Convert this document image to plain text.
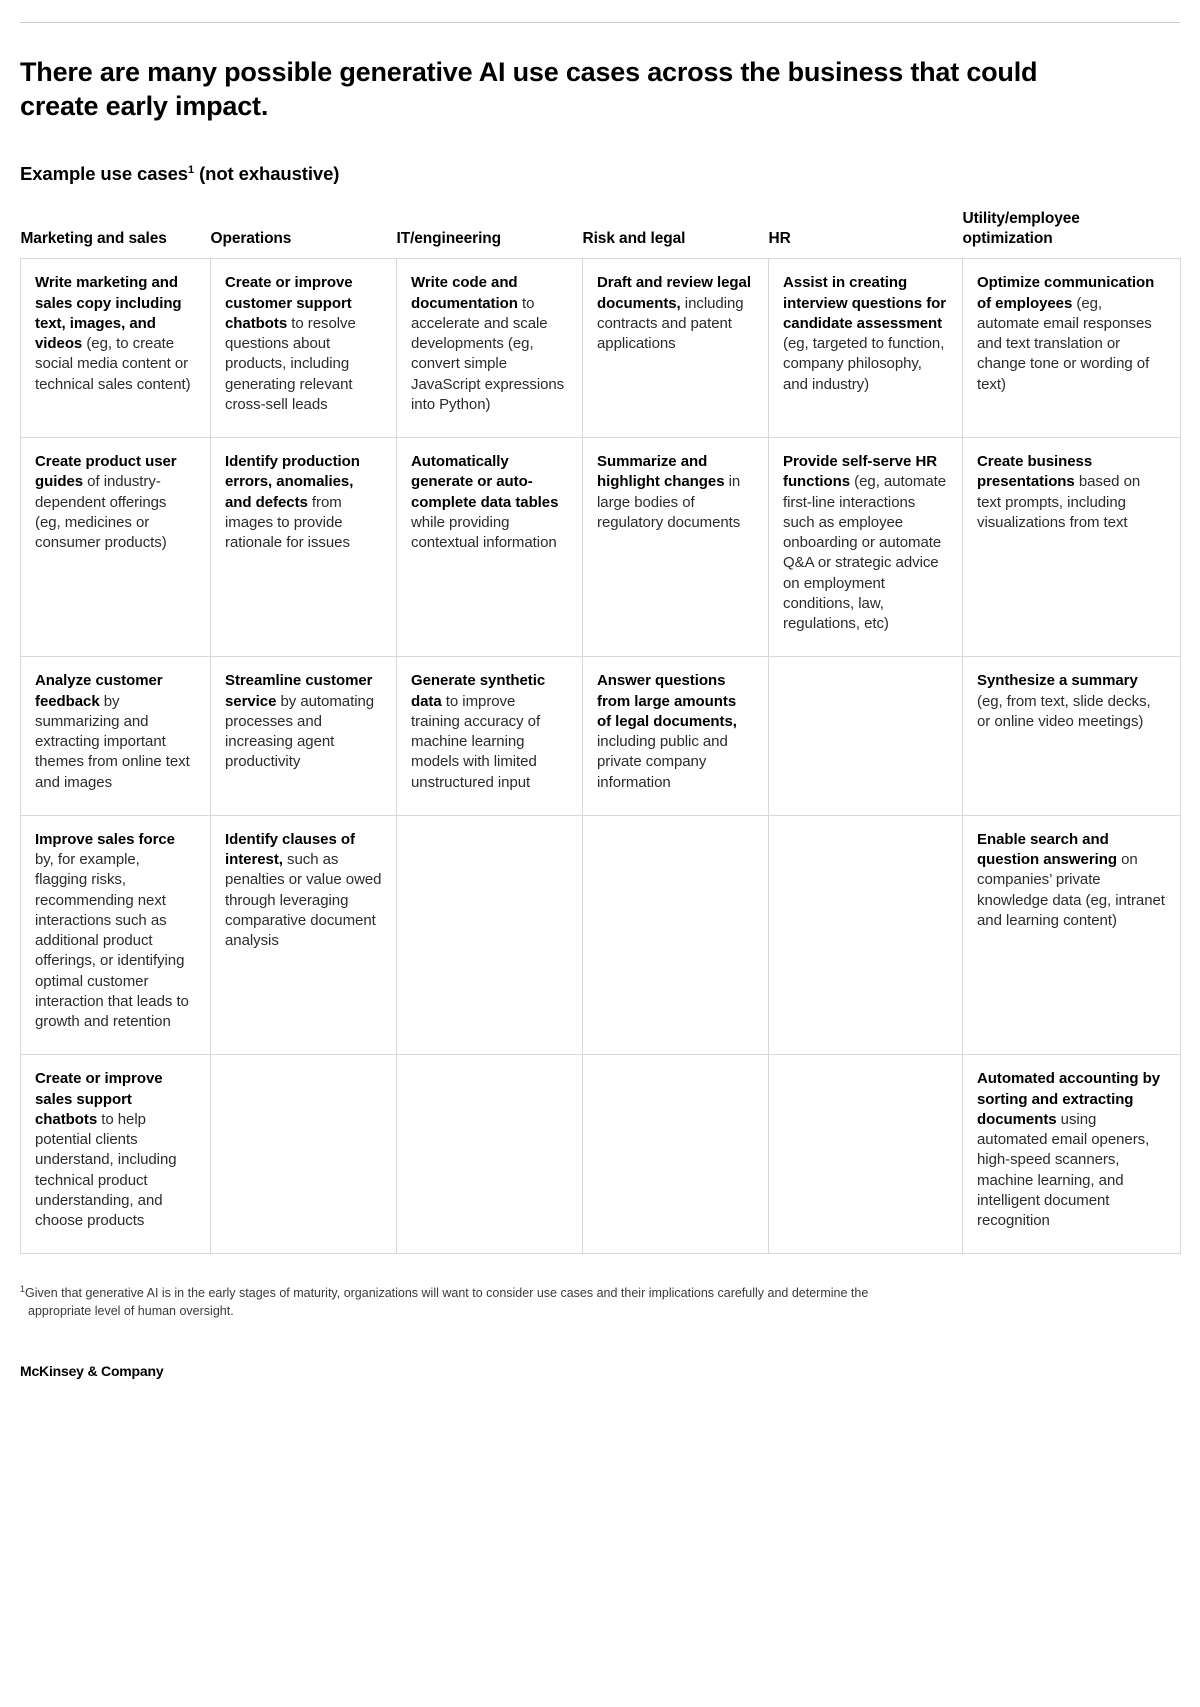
There are many possible generative AI use cases across the business that could create early impact.
Example use cases$^1$ (not exhaustive)
Marketing and sales	Operations	IT/engineering	Risk and legal	HR	Utility/employee optimization
Write marketing and sales copy including text, images, and videos (eg, to create social media content or technical sales content)	Create or improve customer support chatbots to resolve questions about products, including generating relevant cross-sell leads	Write code and documentation to accelerate and scale developments (eg, convert simple JavaScript expressions into Python)	Draft and review legal documents, including contracts and patent applications	Assist in creating interview questions for candidate assessment (eg, targeted to function, company philosophy, and industry)	Optimize communication of employees (eg, automate email responses and text translation or change tone or wording of text)
Create product user guides of industry-dependent offerings (eg, medicines or consumer products)	Identify production errors, anomalies, and defects from images to provide rationale for issues	Automatically generate or auto-complete data tables while providing contextual information	Summarize and highlight changes in large bodies of regulatory documents	Provide self-serve HR functions (eg, automate first-line interactions such as employee onboarding or automate Q&A or strategic advice on employment conditions, law, regulations, etc)	Create business presentations based on text prompts, including visualizations from text
Analyze customer feedback by summarizing and extracting important themes from online text and images	Streamline customer service by automating processes and increasing agent productivity	Generate synthetic data to improve training accuracy of machine learning models with limited unstructured input	Answer questions from large amounts of legal documents, including public and private company information		Synthesize a summary (eg, from text, slide decks, or online video meetings)
Improve sales force by, for example, flagging risks, recommending next interactions such as additional product offerings, or identifying optimal customer interaction that leads to growth and retention	Identify clauses of interest, such as penalties or value owed through leveraging comparative document analysis				Enable search and question answering on companies’ private knowledge data (eg, intranet and learning content)
Create or improve sales support chatbots to help potential clients understand, including technical product understanding, and choose products					Automated accounting by sorting and extracting documents using automated email openers, high-speed scanners, machine learning, and intelligent document recognition
$^1$Given that generative AI is in the early stages of maturity, organizations will want to consider use cases and their implications carefully and determine the
appropriate level of human oversight.
McKinsey & Company
